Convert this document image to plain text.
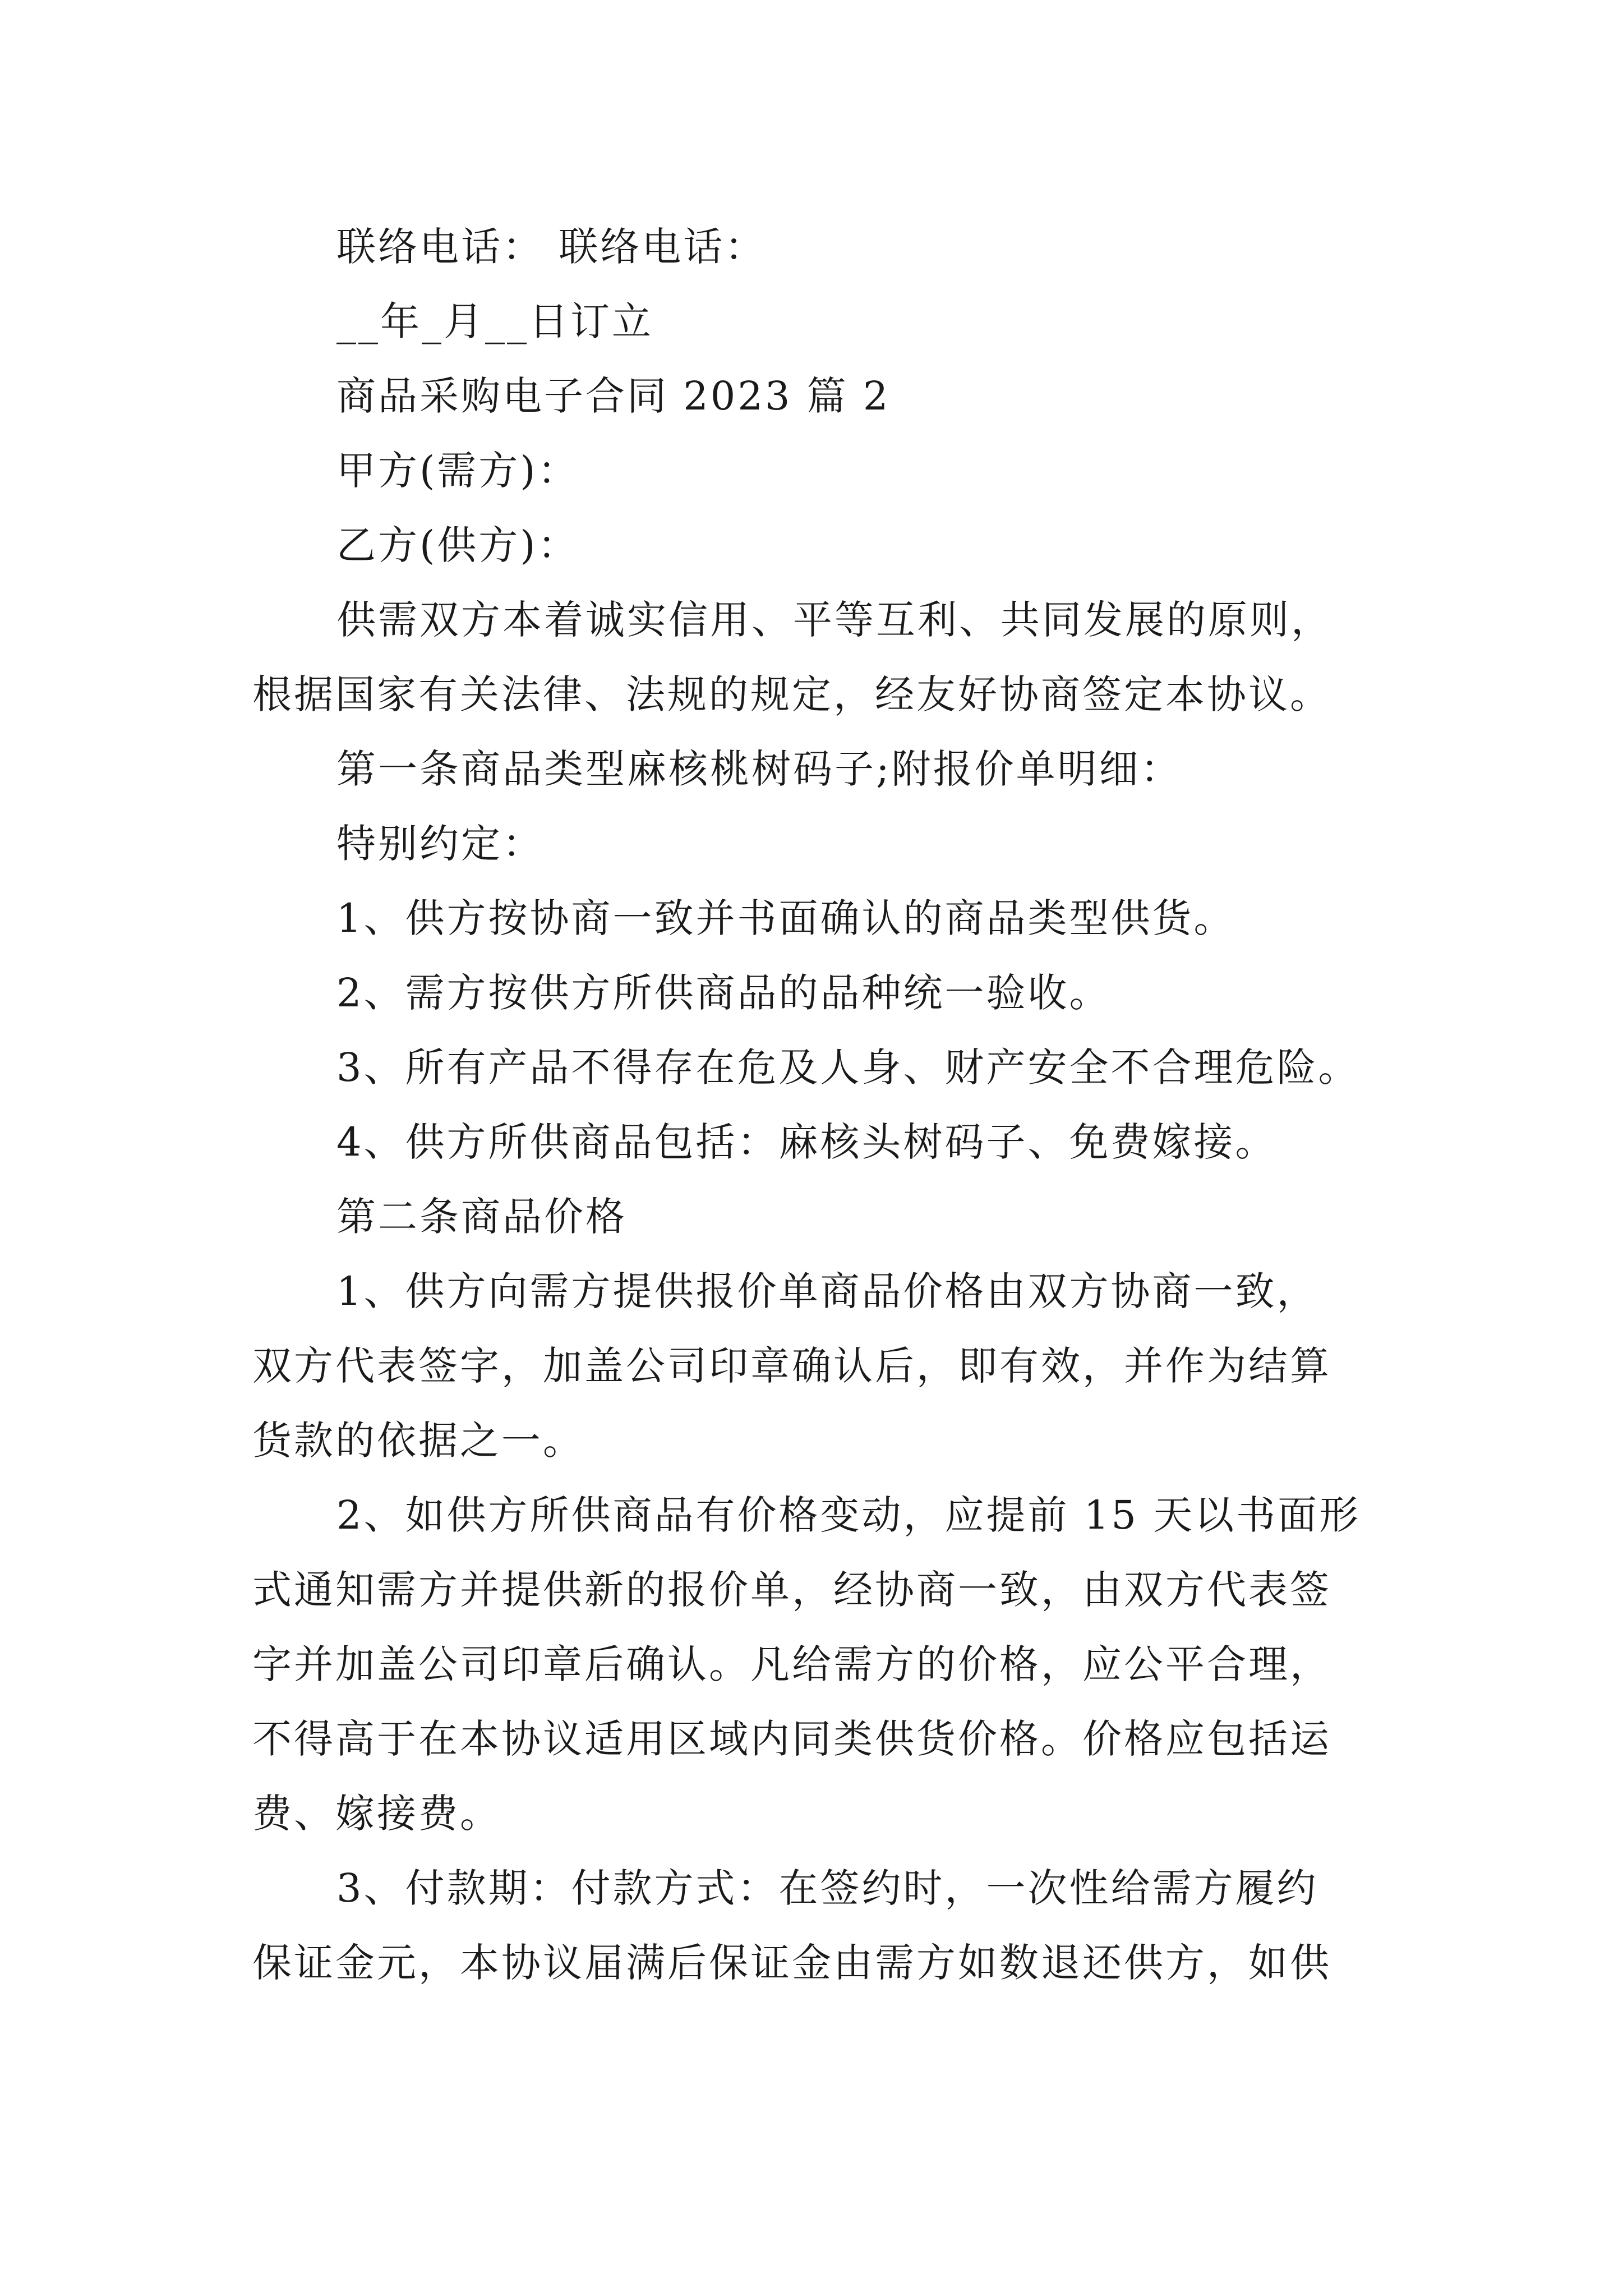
联络电话： 联络电话：
__年_月__日订立
商品采购电子合同 2023 篇 2
甲方(需方)：
乙方(供方)：
供需双方本着诚实信用、平等互利、共同发展的原则，
根据国家有关法律、法规的规定，经友好协商签定本协议。
第一条商品类型麻核桃树码子;附报价单明细：
特别约定：
1、供方按协商一致并书面确认的商品类型供货。
2、需方按供方所供商品的品种统一验收。
3、所有产品不得存在危及人身、财产安全不合理危险。
4、供方所供商品包括：麻核头树码子、免费嫁接。
第二条商品价格
1、供方向需方提供报价单商品价格由双方协商一致，
双方代表签字，加盖公司印章确认后，即有效，并作为结算
货款的依据之一。
2、如供方所供商品有价格变动，应提前 15 天以书面形
式通知需方并提供新的报价单，经协商一致，由双方代表签
字并加盖公司印章后确认。凡给需方的价格，应公平合理，
不得高于在本协议适用区域内同类供货价格。价格应包括运
费、嫁接费。
3、付款期：付款方式：在签约时，一次性给需方履约
保证金元，本协议届满后保证金由需方如数退还供方，如供
